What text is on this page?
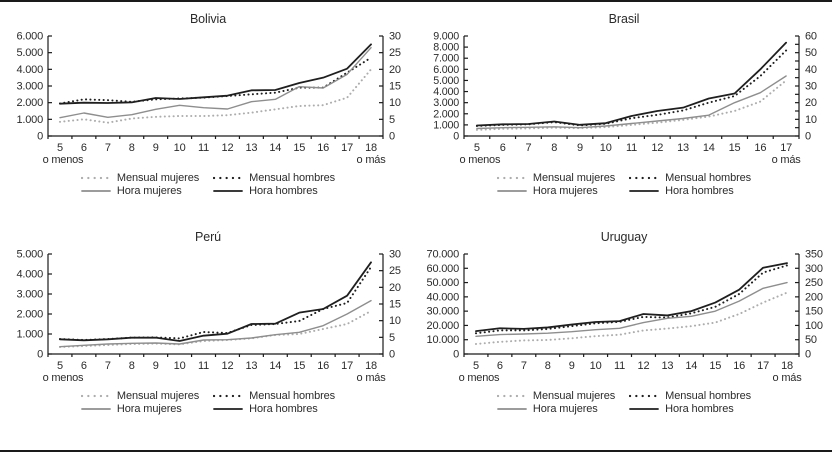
Bolivia
6.000
5.000
4.000
3.000
2.000
1.000
0
30
25
20
15
10
5
0
5 6 7 8 9 10 11 12 13 14 15 16 17 18
o menos	o más
Mensual mujeres	Mensual hombres
Hora mujeres	Hora hombres
Brasil
9.000
8.000
7.000
6.000
5.000
4.000
3.000
2.000
1.000
0
60
50
40
30
20
10
0
5 6 7 8 9 10 11 12 13 14 15 16 17
o menos	o más
Mensual mujeres	Mensual hombres
Hora mujeres	Hora hombres
Perú
5.000
4.000
3.000
2.000
1.000
0
30
25
20
15
10
5
0
5 6 7 8 9 10 11 12 13 14 15 16 17 18
o menos	o más
Mensual mujeres	Mensual hombres
Hora mujeres	Hora hombres
Uruguay
70.000
60.000
50.000
40.000
30.000
20.000
10.000
0
350
300
250
200
150
100
50
0
5 6 7 8 9 10 11 12 13 14 15 16 17 18
o menos	o más
Mensual mujeres	Mensual hombres
Hora mujeres	Hora hombres
